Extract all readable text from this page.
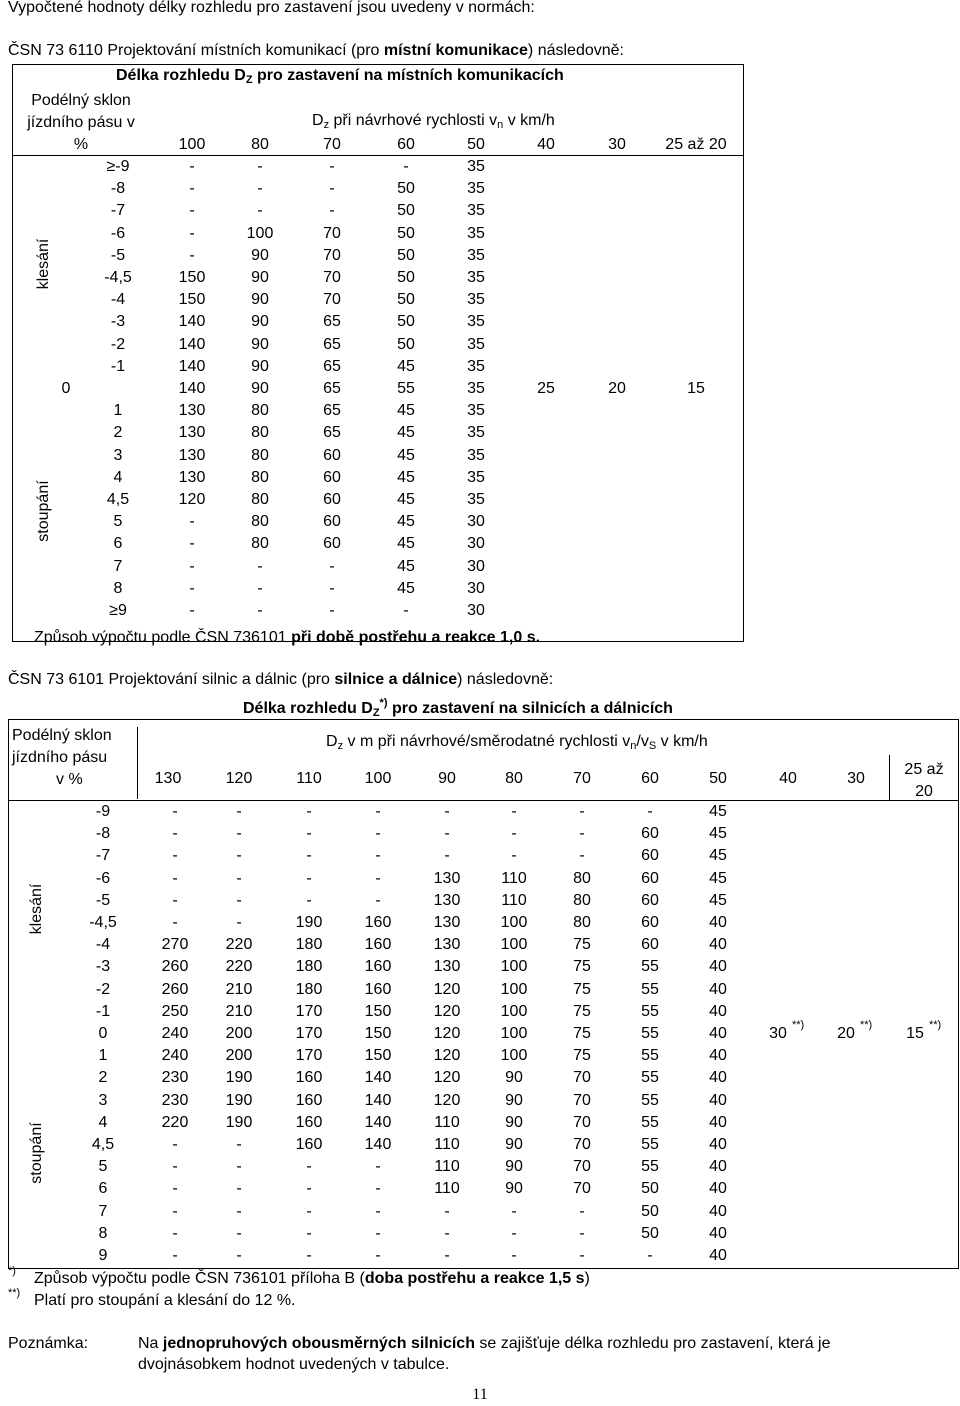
Vypočtené hodnoty délky rozhledu pro zastavení jsou uvedeny v normách:
ČSN 73 6110 Projektování místních komunikací (pro místní komunikace) následovně:
Délka rozhledu $D_Z$ pro zastavení na místních komunikacích
Podélný sklon
jízdního pásu v
%
$D_z$ při návrhové rychlosti $v_n$ v km/h
100	80	70	60	50	40	30 25 až 20
≥-9	-	-	-	-	35
-8	-	-	-	50	35
-7	-	-	-	50	35
-6	-	100	70	50	35
-5	-	90	70	50	35
-4,5	150	90	70	50	35
-4	150	90	70	50	35
-3	140	90	65	50	35
-2	140	90	65	50	35
-1	140	90	65	45	35
0	140	90	65	55	35
1	130	80	65	45	35
2	130	80	65	45	35
3	130	80	60	45	35
4	130	80	60	45	35
4,5	120	80	60	45	35
5	-	80	60	45	30
6	-	80	60	45	30
7	-	-	-	45	30
8	-	-	-	45	30
≥9	-	-	-	-	30
25	20	15
klesání
stoupání
Způsob výpočtu podle ČSN 736101 při době postřehu a reakce 1,0 s.
ČSN 73 6101 Projektování silnic a dálnic (pro silnice a dálnice) následovně:
Délka rozhledu $D_Z^{*)}$ pro zastavení na silnicích a dálnicích
Podélný sklon
jízdního pásu
v %
$D_z$ v m při návrhové/směrodatné rychlosti $v_n/v_S$ v km/h
130	120	110	100	90	80	70	60	50	40	30
25 až
20
-9	-	-	-	-	-	-	-	-	45
-8	-	-	-	-	-	-	-	60	45
-7	-	-	-	-	-	-	-	60	45
-6	-	-	-	-	130	110	80	60	45
-5	-	-	-	-	130	110	80	60	45
-4,5	-	-	190	160	130	100	80	60	40
-4	270 220	180	160	130	100	75	60	40
-3	260 220	180	160	130	100	75	55	40
-2	260 210	180	160	120	100	75	55	40
-1	250 210	170	150	120	100	75	55	40
0	240 200	170	150	120	100	75	55	40
1	240 200	170	150	120	100	75	55	40
2	230 190	160	140	120	90	70	55	40
3	230 190	160	140	120	90	70	55	40
4	220 190	160	140	110	90	70	55	40
4,5	-	-	160	140	110	90	70	55	40
5	-	-	-	-	110	90	70	55	40
6	-	-	-	-	110	90	70	50	40
7	-	-	-	-	-	-	-	50	40
8	-	-	-	-	-	-	-	50	40
9	-	-	-	-	-	-	-	-	40
30 **) 20 **) 15 **)
klesání
stoupání
*) Způsob výpočtu podle ČSN 736101 příloha B (doba postřehu a reakce 1,5 s)
**) Platí pro stoupání a klesání do 12 %.
Poznámka:	Na jednopruhových obousměrných silnicích se zajišťuje délka rozhledu pro zastavení, která je
dvojnásobkem hodnot uvedených v tabulce.
11
